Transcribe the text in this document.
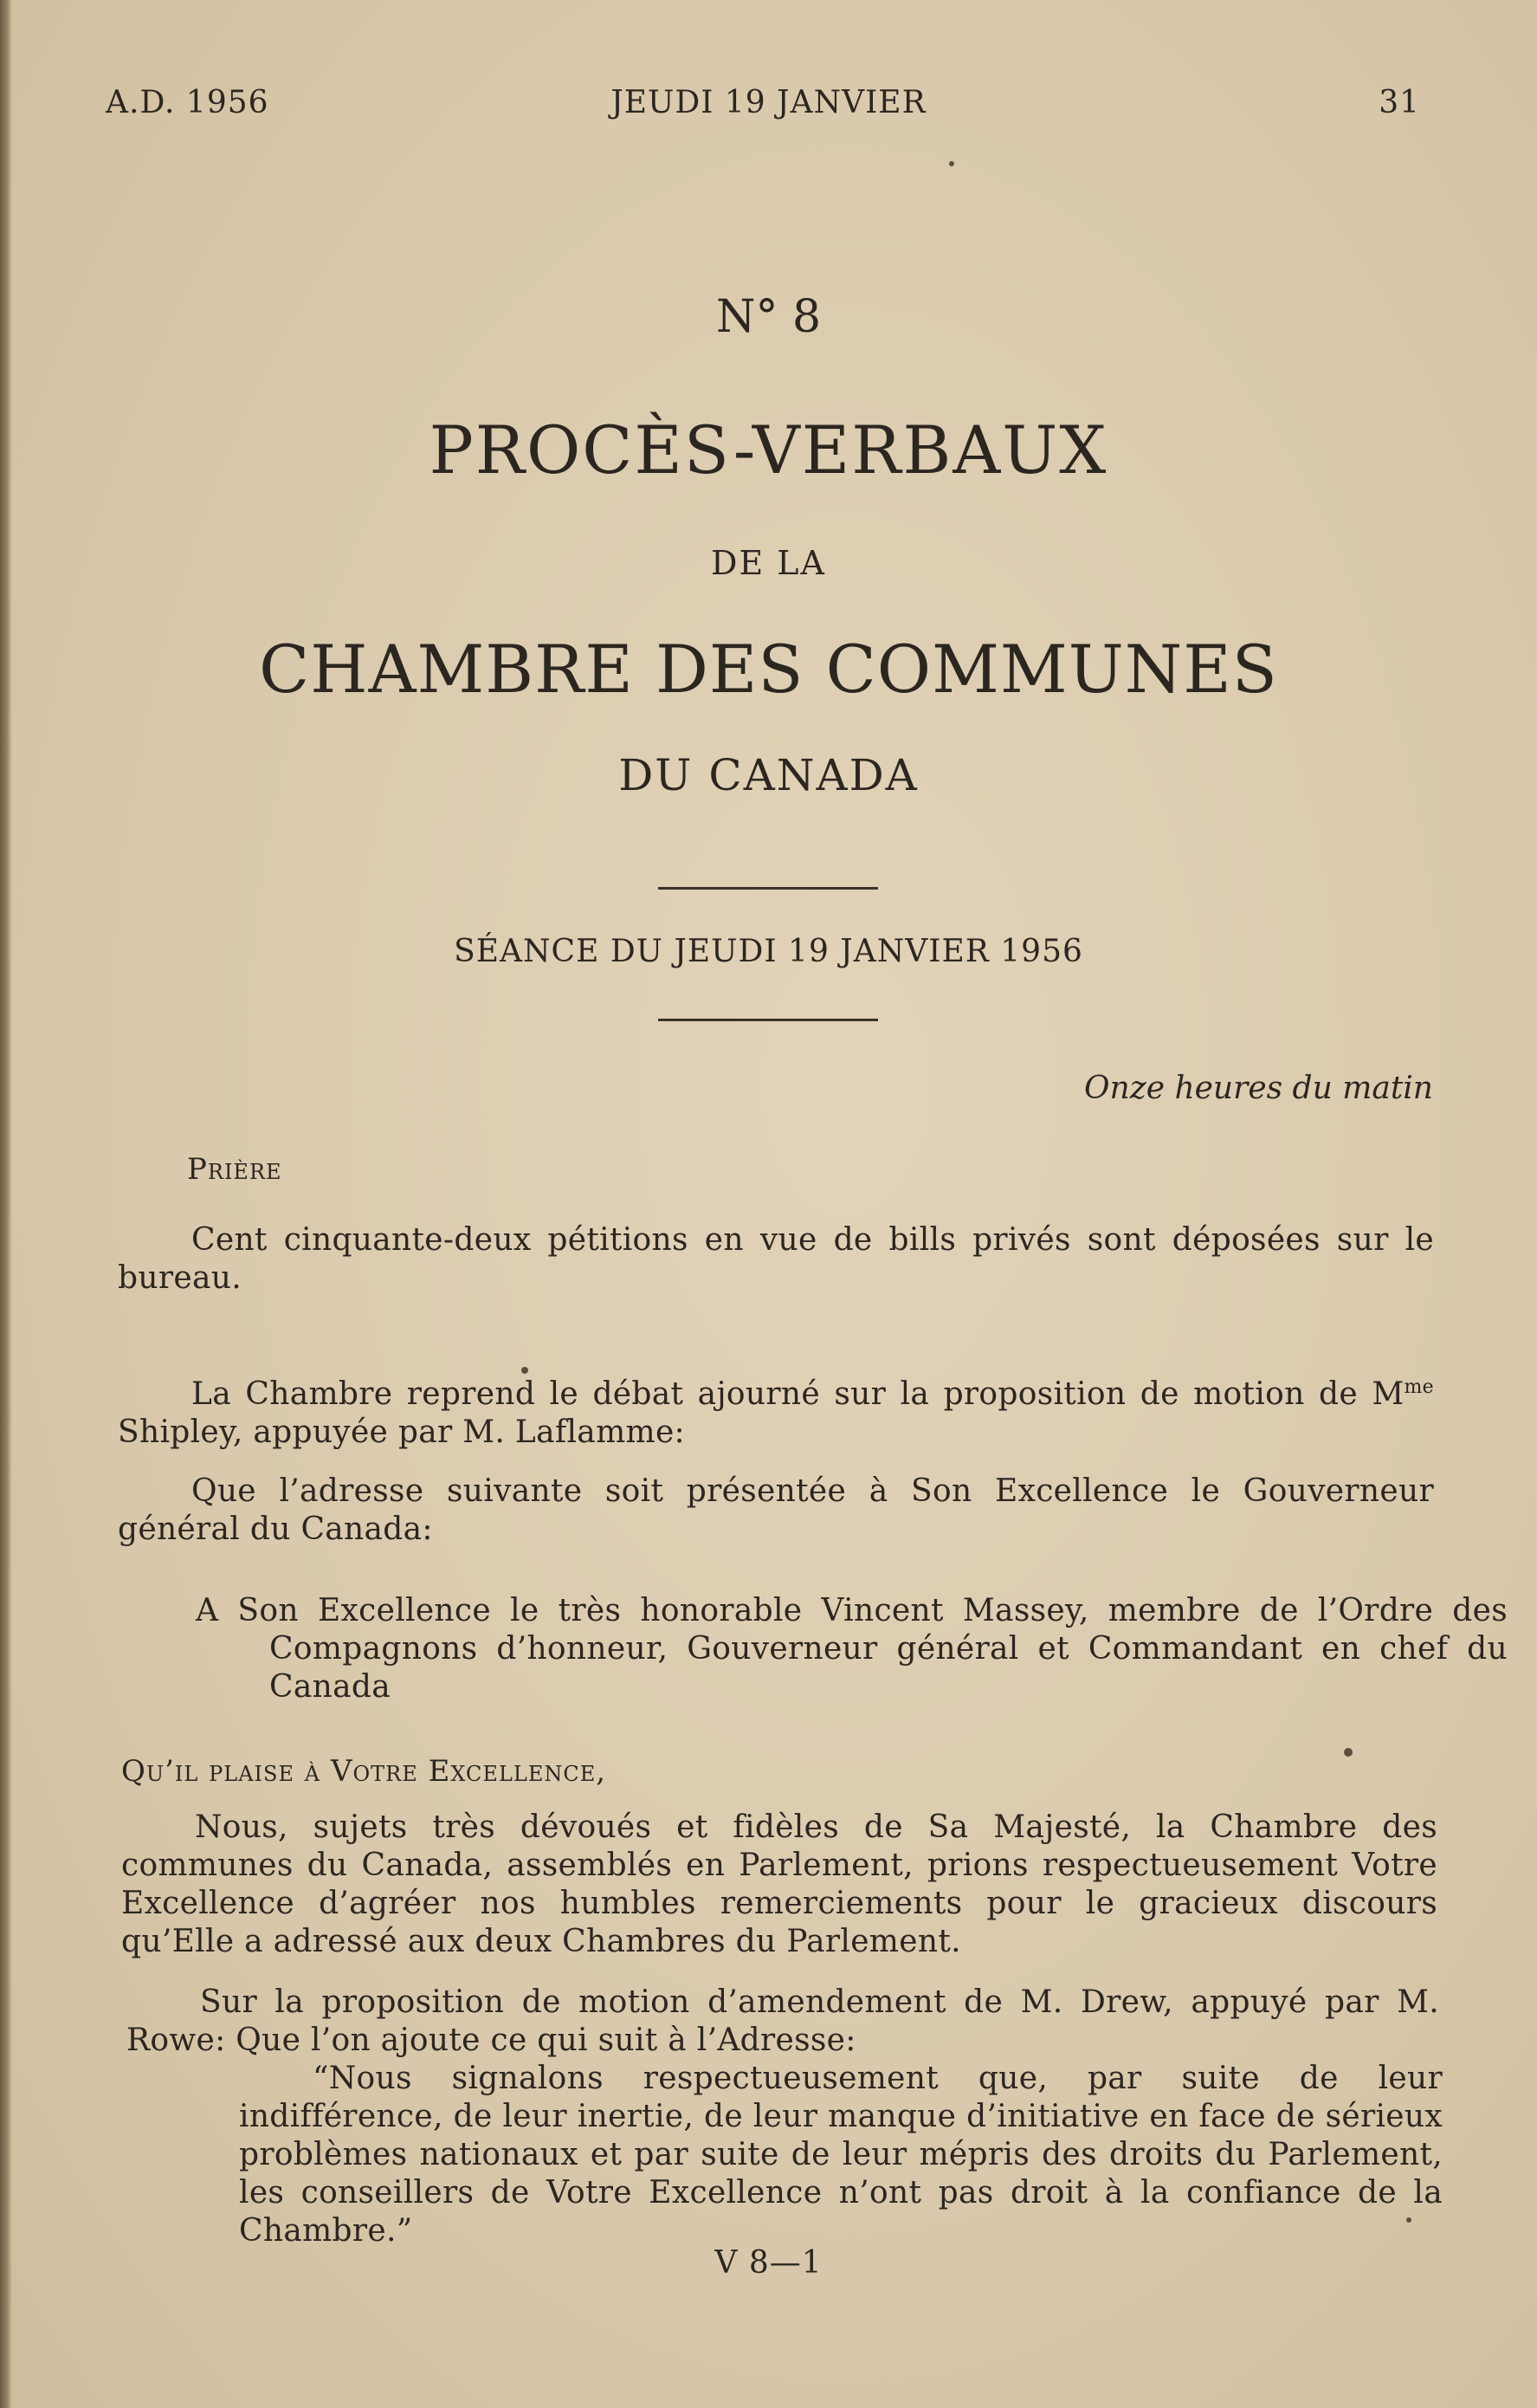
A.D. 1956	JEUDI 19 JANVIER	31
N° 8
PROCÈS-VERBAUX
DE LA
CHAMBRE DES COMMUNES
DU CANADA
SÉANCE DU JEUDI 19 JANVIER 1956
Onze heures du matin
Prière
Cent cinquante-deux pétitions en vue de bills privés sont déposées sur le bureau.
La Chambre reprend le débat ajourné sur la proposition de motion de $M^{me}$ Shipley, appuyée par M. Laflamme:
Que l’adresse suivante soit présentée à Son Excellence le Gouverneur général du Canada:
A Son Excellence le très honorable Vincent Massey, membre de l’Ordre des Compagnons d’honneur, Gouverneur général et Commandant en chef du Canada
Qu’il plaise à Votre Excellence,
Nous, sujets très dévoués et fidèles de Sa Majesté, la Chambre des communes du Canada, assemblés en Parlement, prions respectueusement Votre Excellence d’agréer nos humbles remerciements pour le gracieux discours qu’Elle a adressé aux deux Chambres du Parlement.
Sur la proposition de motion d’amendement de M. Drew, appuyé par M. Rowe: Que l’on ajoute ce qui suit à l’Adresse:
“Nous signalons respectueusement que, par suite de leur indifférence, de leur inertie, de leur manque d’initiative en face de sérieux problèmes nationaux et par suite de leur mépris des droits du Parlement, les conseillers de Votre Excellence n’ont pas droit à la confiance de la Chambre.”
V 8—1
